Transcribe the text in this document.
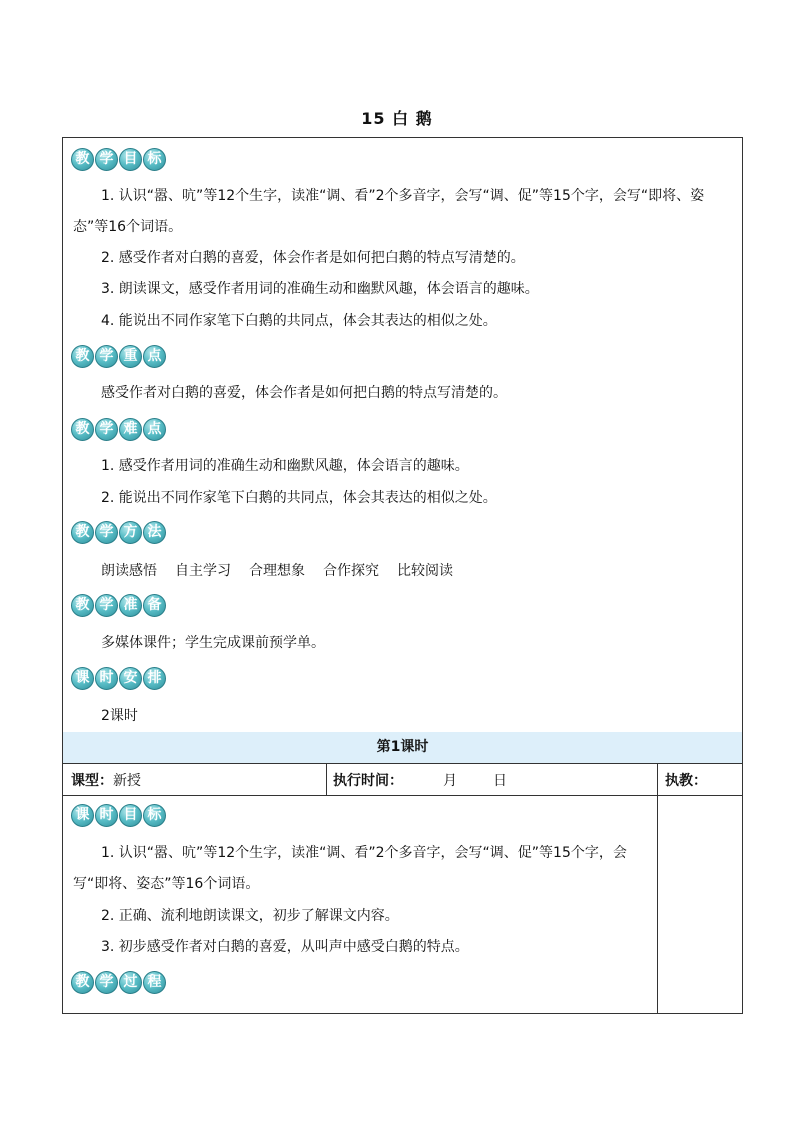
15 白 鹅
教 学 目 标
1. 认识“嚣、吭”等12个生字，读准“调、看”2个多音字，会写“调、促”等15个字，会写“即将、姿态”等16个词语。
2. 感受作者对白鹅的喜爱，体会作者是如何把白鹅的特点写清楚的。
3. 朗读课文，感受作者用词的准确生动和幽默风趣，体会语言的趣味。
4. 能说出不同作家笔下白鹅的共同点，体会其表达的相似之处。
教 学 重 点
感受作者对白鹅的喜爱，体会作者是如何把白鹅的特点写清楚的。
教 学 难 点
1. 感受作者用词的准确生动和幽默风趣，体会语言的趣味。
2. 能说出不同作家笔下白鹅的共同点，体会其表达的相似之处。
教 学 方 法
朗读感悟 自主学习 合理想象 合作探究 比较阅读
教 学 准 备
多媒体课件；学生完成课前预学单。
课 时 安 排
2课时
第1课时
课型：新授	执行时间：	月	日	执教：
课 时 目 标
1. 认识“嚣、吭”等12个生字，读准“调、看”2个多音字，会写“调、促”等15个字，会写“即将、姿态”等16个词语。
2. 正确、流利地朗读课文，初步了解课文内容。
3. 初步感受作者对白鹅的喜爱，从叫声中感受白鹅的特点。
教 学 过 程
